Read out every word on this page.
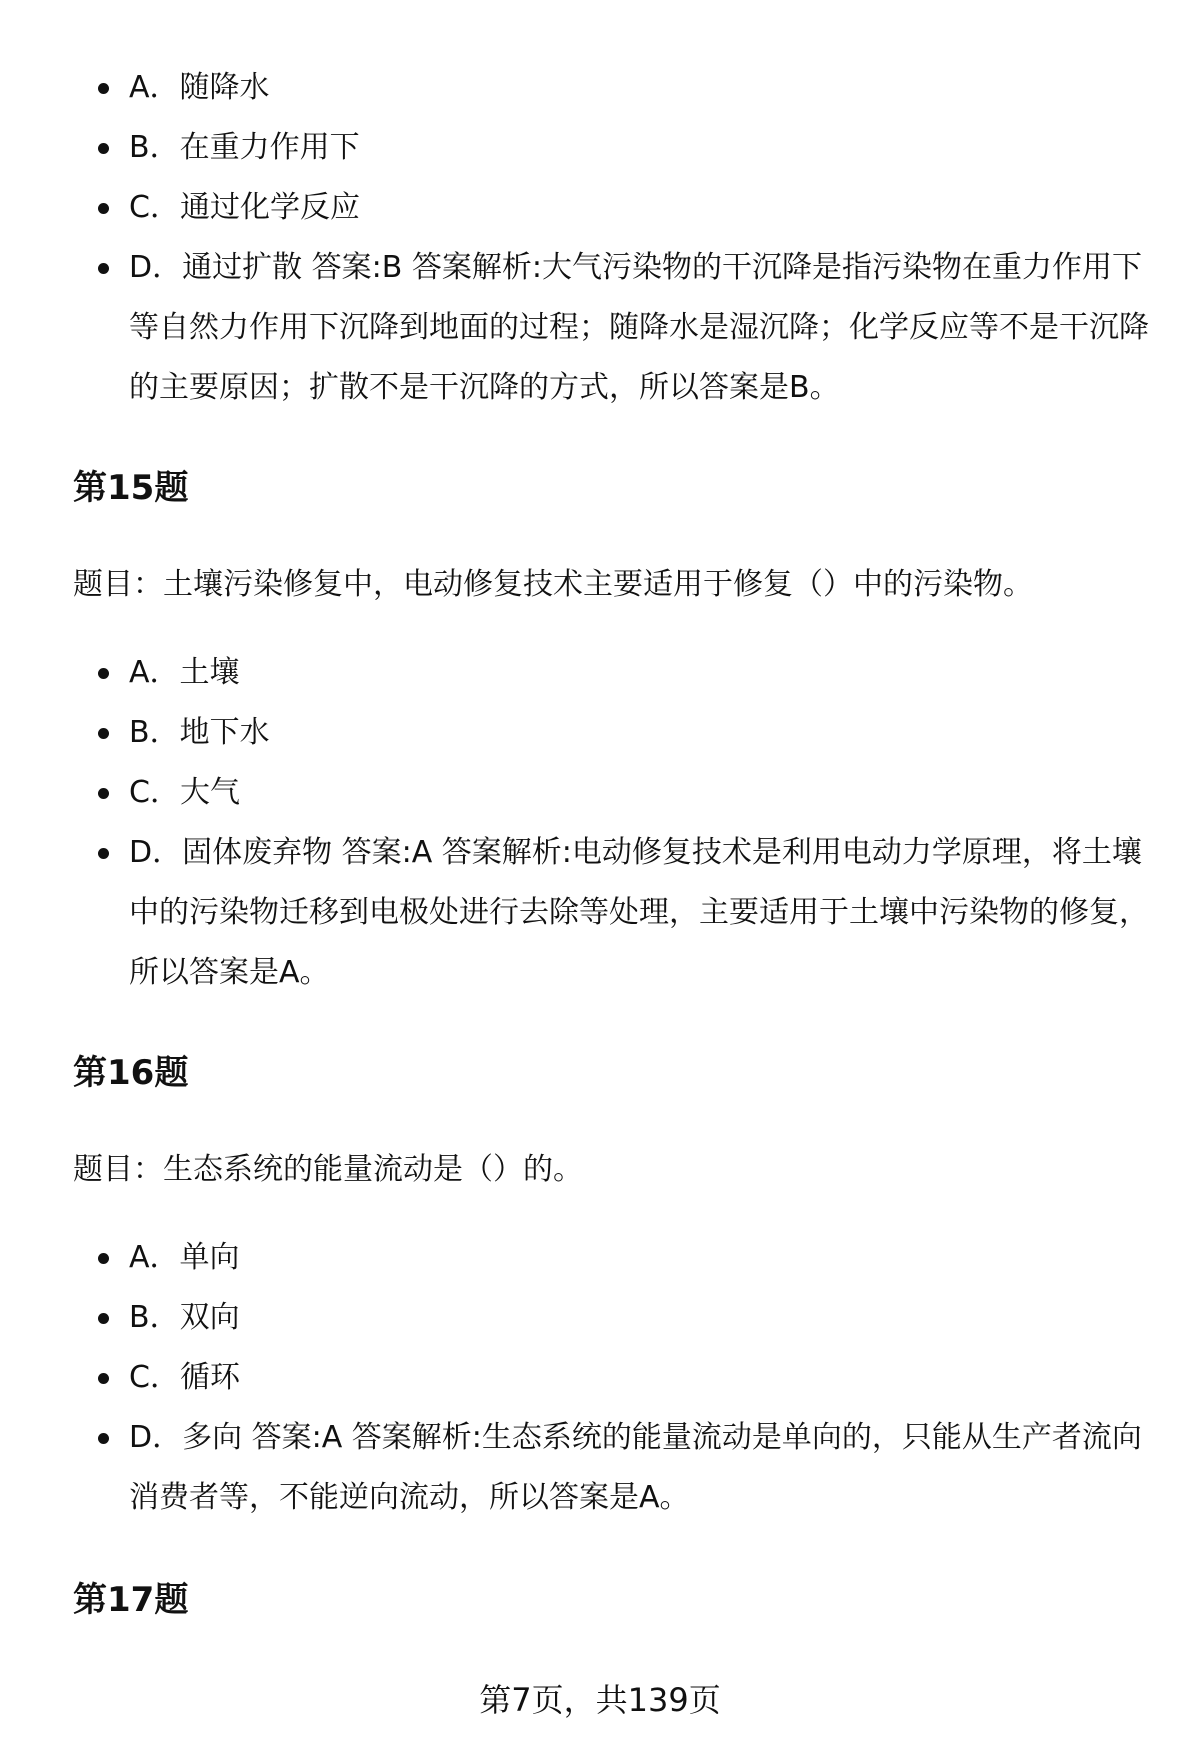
A．随降水
B．在重力作用下
C．通过化学反应
D．通过扩散 答案:B 答案解析:大气污染物的干沉降是指污染物在重力作用下等自然力作用下沉降到地面的过程；随降水是湿沉降；化学反应等不是干沉降的主要原因；扩散不是干沉降的方式，所以答案是B。
第15题

题目：土壤污染修复中，电动修复技术主要适用于修复（）中的污染物。

A．土壤
B．地下水
C．大气
D．固体废弃物 答案:A 答案解析:电动修复技术是利用电动力学原理，将土壤中的污染物迁移到电极处进行去除等处理，主要适用于土壤中污染物的修复，所以答案是A。
第16题

题目：生态系统的能量流动是（）的。

A．单向
B．双向
C．循环
D．多向 答案:A 答案解析:生态系统的能量流动是单向的，只能从生产者流向消费者等，不能逆向流动，所以答案是A。
第17题
第7页，共139页
